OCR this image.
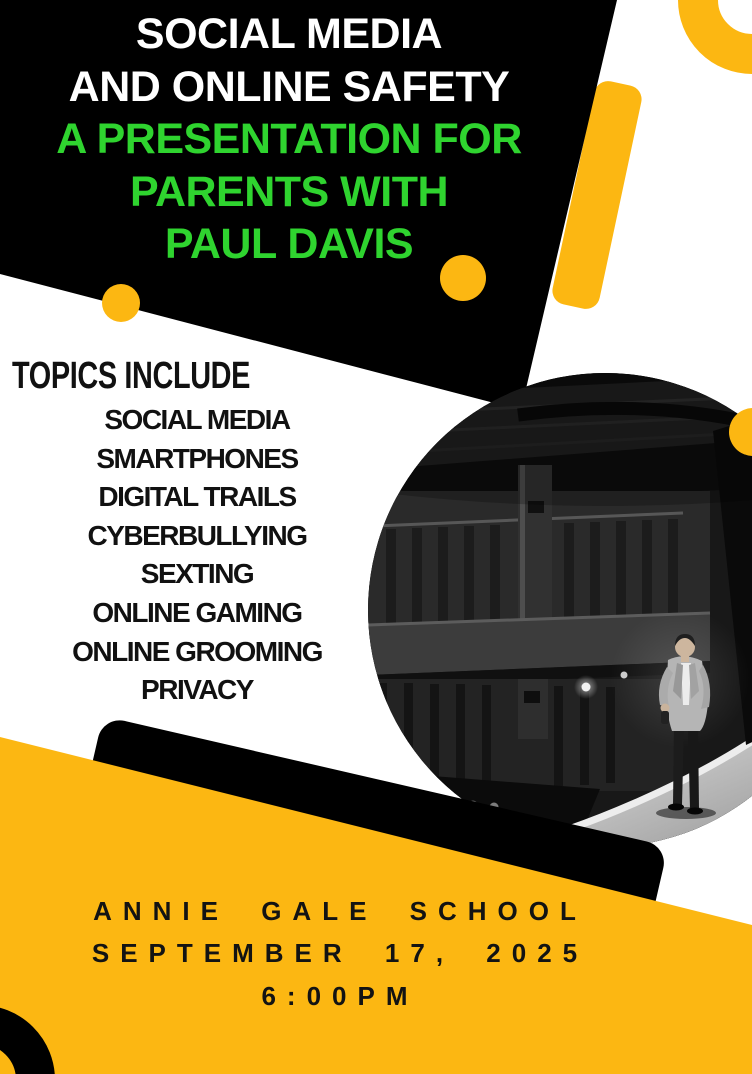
SOCIAL MEDIA
AND ONLINE SAFETY
A PRESENTATION FOR
PARENTS WITH
PAUL DAVIS
TOPICS INCLUDE
SOCIAL MEDIA
SMARTPHONES
DIGITAL TRAILS
CYBERBULLYING
SEXTING
ONLINE GAMING
ONLINE GROOMING
PRIVACY
ANNIE GALE SCHOOL
SEPTEMBER 17, 2025
6:00PM
